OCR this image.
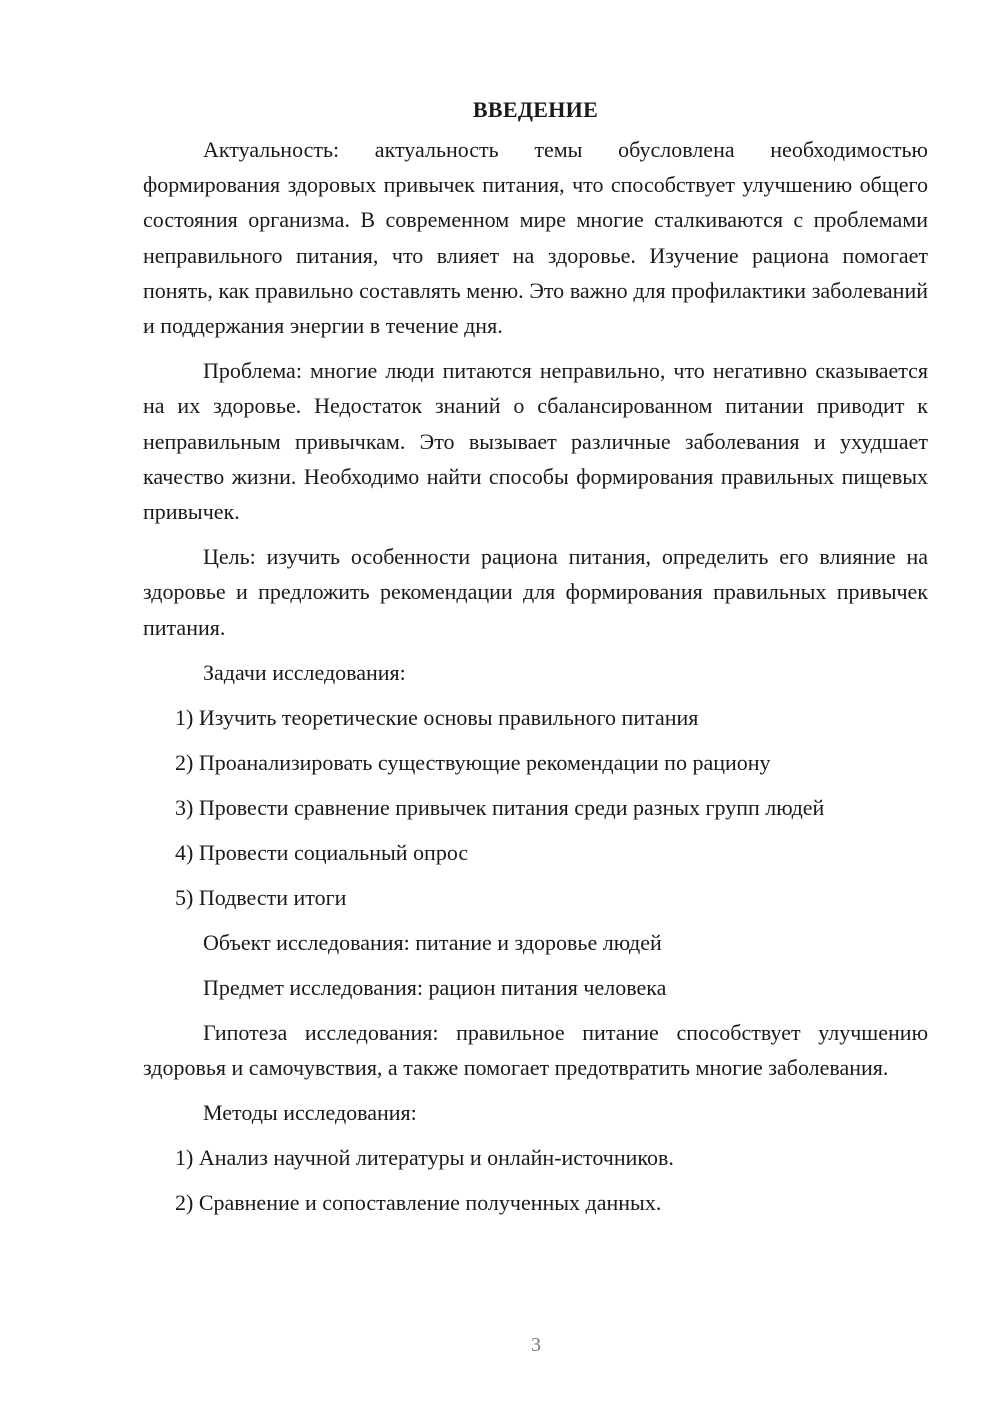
ВВЕДЕНИЕ

Актуальность: актуальность темы обусловлена необходимостью формирования здоровых привычек питания, что способствует улучшению общего состояния организма. В современном мире многие сталкиваются с проблемами неправильного питания, что влияет на здоровье. Изучение рациона помогает понять, как правильно составлять меню. Это важно для профилактики заболеваний и поддержания энергии в течение дня.

Проблема: многие люди питаются неправильно, что негативно сказывается на их здоровье. Недостаток знаний о сбалансированном питании приводит к неправильным привычкам. Это вызывает различные заболевания и ухудшает качество жизни. Необходимо найти способы формирования правильных пищевых привычек.

Цель: изучить особенности рациона питания, определить его влияние на здоровье и предложить рекомендации для формирования правильных привычек питания.

Задачи исследования:
1) Изучить теоретические основы правильного питания
2) Проанализировать существующие рекомендации по рациону
3) Провести сравнение привычек питания среди разных групп людей
4) Провести социальный опрос
5) Подвести итоги
Объект исследования: питание и здоровье людей
Предмет исследования: рацион питания человека

Гипотеза исследования: правильное питание способствует улучшению здоровья и самочувствия, а также помогает предотвратить многие заболевания.

Методы исследования:
1) Анализ научной литературы и онлайн-источников.
2) Сравнение и сопоставление полученных данных.
3
